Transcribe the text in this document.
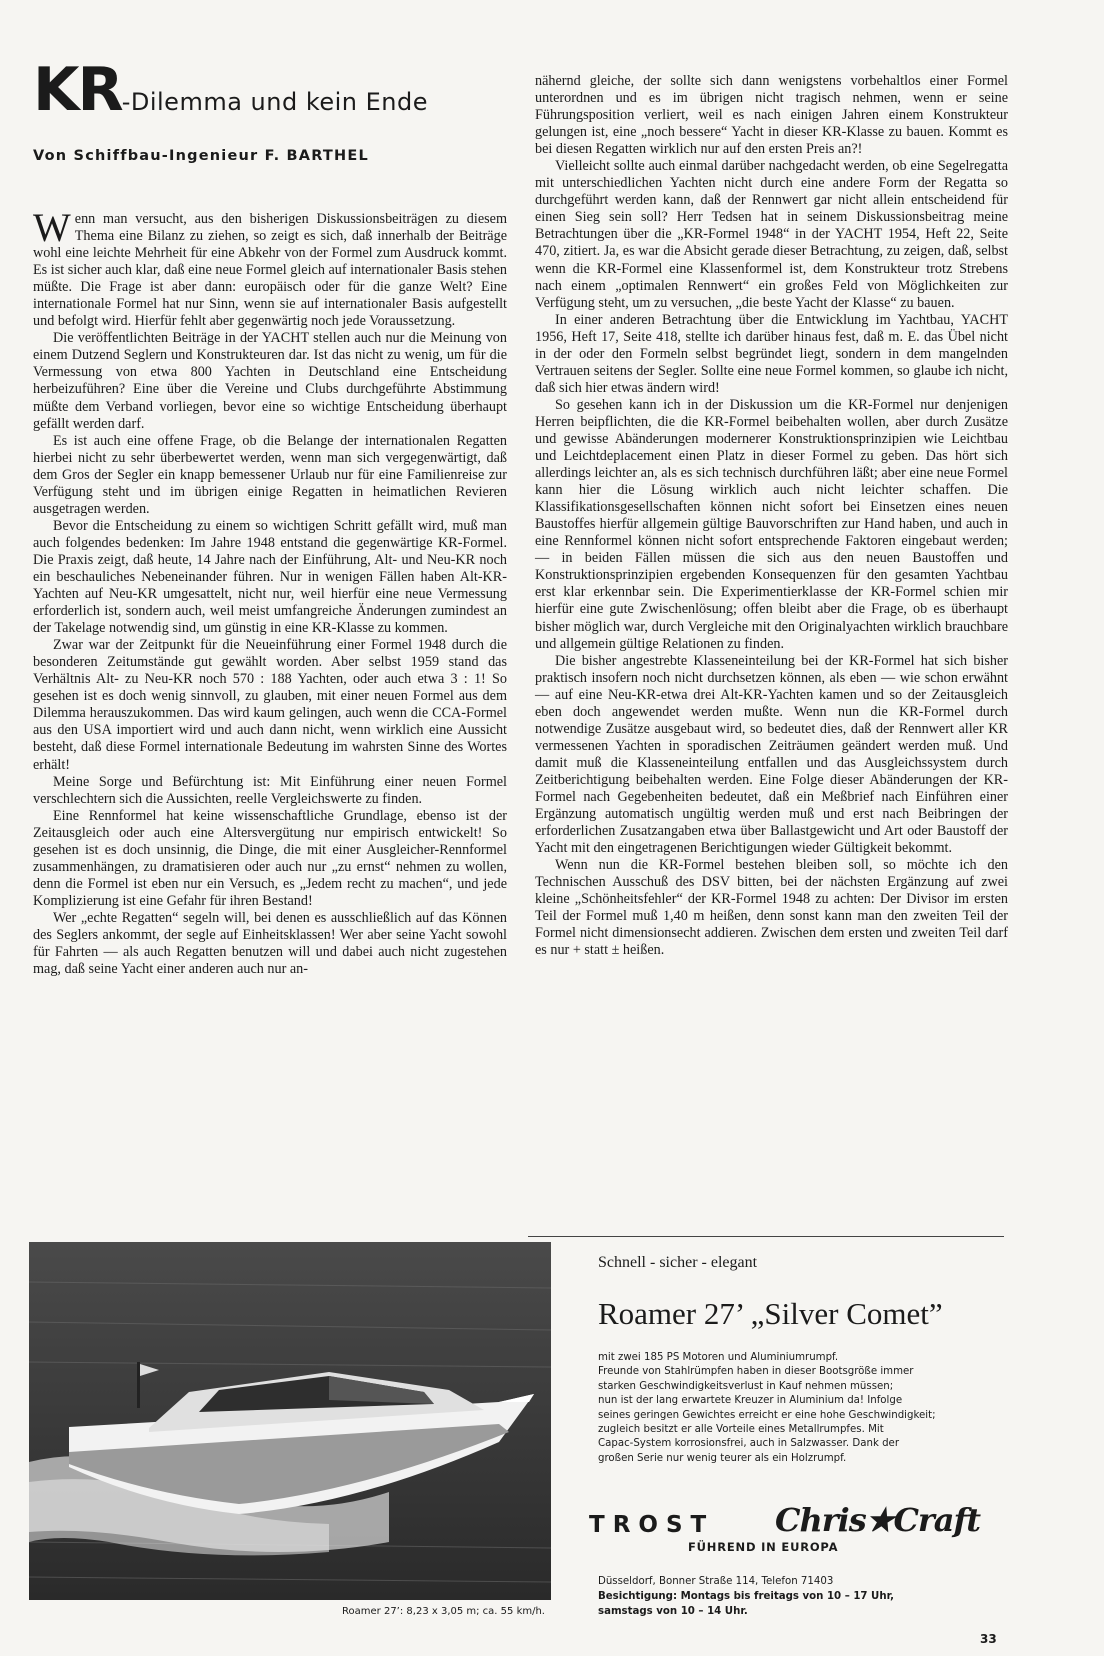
KR-Dilemma und kein Ende
Von Schiffbau-Ingenieur F. BARTHEL

Wenn man versucht, aus den bisherigen Diskussionsbeiträgen zu diesem Thema eine Bilanz zu ziehen, so zeigt es sich, daß innerhalb der Beiträge wohl eine leichte Mehrheit für eine Abkehr von der Formel zum Ausdruck kommt. Es ist sicher auch klar, daß eine neue Formel gleich auf internationaler Basis stehen müßte. Die Frage ist aber dann: europäisch oder für die ganze Welt? Eine internationale Formel hat nur Sinn, wenn sie auf internationaler Basis aufgestellt und befolgt wird. Hierfür fehlt aber gegenwärtig noch jede Voraussetzung.

Die veröffentlichten Beiträge in der YACHT stellen auch nur die Meinung von einem Dutzend Seglern und Konstrukteuren dar. Ist das nicht zu wenig, um für die Vermessung von etwa 800 Yachten in Deutschland eine Entscheidung herbeizuführen? Eine über die Vereine und Clubs durchgeführte Abstimmung müßte dem Verband vorliegen, bevor eine so wichtige Entscheidung überhaupt gefällt werden darf.

Es ist auch eine offene Frage, ob die Belange der internationalen Regatten hierbei nicht zu sehr überbewertet werden, wenn man sich vergegenwärtigt, daß dem Gros der Segler ein knapp bemessener Urlaub nur für eine Familienreise zur Verfügung steht und im übrigen einige Regatten in heimatlichen Revieren ausgetragen werden.

Bevor die Entscheidung zu einem so wichtigen Schritt gefällt wird, muß man auch folgendes bedenken: Im Jahre 1948 entstand die gegenwärtige KR-Formel. Die Praxis zeigt, daß heute, 14 Jahre nach der Einführung, Alt- und Neu-KR noch ein beschauliches Nebeneinander führen. Nur in wenigen Fällen haben Alt-KR-Yachten auf Neu-KR umgesattelt, nicht nur, weil hierfür eine neue Vermessung erforderlich ist, sondern auch, weil meist umfangreiche Änderungen zumindest an der Takelage notwendig sind, um günstig in eine KR-Klasse zu kommen.

Zwar war der Zeitpunkt für die Neueinführung einer Formel 1948 durch die besonderen Zeitumstände gut gewählt worden. Aber selbst 1959 stand das Verhältnis Alt- zu Neu-KR noch 570 : 188 Yachten, oder auch etwa 3 : 1! So gesehen ist es doch wenig sinnvoll, zu glauben, mit einer neuen Formel aus dem Dilemma herauszukommen. Das wird kaum gelingen, auch wenn die CCA-Formel aus den USA importiert wird und auch dann nicht, wenn wirklich eine Aussicht besteht, daß diese Formel internationale Bedeutung im wahrsten Sinne des Wortes erhält!

Meine Sorge und Befürchtung ist: Mit Einführung einer neuen Formel verschlechtern sich die Aussichten, reelle Vergleichswerte zu finden.

Eine Rennformel hat keine wissenschaftliche Grundlage, ebenso ist der Zeitausgleich oder auch eine Altersvergütung nur empirisch entwickelt! So gesehen ist es doch unsinnig, die Dinge, die mit einer Ausgleicher-Rennformel zusammenhängen, zu dramatisieren oder auch nur „zu ernst“ nehmen zu wollen, denn die Formel ist eben nur ein Versuch, es „Jedem recht zu machen“, und jede Komplizierung ist eine Gefahr für ihren Bestand!

Wer „echte Regatten“ segeln will, bei denen es ausschließlich auf das Können des Seglers ankommt, der segle auf Einheitsklassen! Wer aber seine Yacht sowohl für Fahrten — als auch Regatten benutzen will und dabei auch nicht zugestehen mag, daß seine Yacht einer anderen auch nur an-

nähernd gleiche, der sollte sich dann wenigstens vorbehaltlos einer Formel unterordnen und es im übrigen nicht tragisch nehmen, wenn er seine Führungsposition verliert, weil es nach einigen Jahren einem Konstrukteur gelungen ist, eine „noch bessere“ Yacht in dieser KR-Klasse zu bauen. Kommt es bei diesen Regatten wirklich nur auf den ersten Preis an?!

Vielleicht sollte auch einmal darüber nachgedacht werden, ob eine Segelregatta mit unterschiedlichen Yachten nicht durch eine andere Form der Regatta so durchgeführt werden kann, daß der Rennwert gar nicht allein entscheidend für einen Sieg sein soll? Herr Tedsen hat in seinem Diskussionsbeitrag meine Betrachtungen über die „KR-Formel 1948“ in der YACHT 1954, Heft 22, Seite 470, zitiert. Ja, es war die Absicht gerade dieser Betrachtung, zu zeigen, daß, selbst wenn die KR-Formel eine Klassenformel ist, dem Konstrukteur trotz Strebens nach einem „optimalen Rennwert“ ein großes Feld von Möglichkeiten zur Verfügung steht, um zu versuchen, „die beste Yacht der Klasse“ zu bauen.

In einer anderen Betrachtung über die Entwicklung im Yachtbau, YACHT 1956, Heft 17, Seite 418, stellte ich darüber hinaus fest, daß m. E. das Übel nicht in der oder den Formeln selbst begründet liegt, sondern in dem mangelnden Vertrauen seitens der Segler. Sollte eine neue Formel kommen, so glaube ich nicht, daß sich hier etwas ändern wird!

So gesehen kann ich in der Diskussion um die KR-Formel nur denjenigen Herren beipflichten, die die KR-Formel beibehalten wollen, aber durch Zusätze und gewisse Abänderungen modernerer Konstruktionsprinzipien wie Leichtbau und Leichtdeplacement einen Platz in dieser Formel zu geben. Das hört sich allerdings leichter an, als es sich technisch durchführen läßt; aber eine neue Formel kann hier die Lösung wirklich auch nicht leichter schaffen. Die Klassifikationsgesellschaften können nicht sofort bei Einsetzen eines neuen Baustoffes hierfür allgemein gültige Bauvorschriften zur Hand haben, und auch in eine Rennformel können nicht sofort entsprechende Faktoren eingebaut werden; — in beiden Fällen müssen die sich aus den neuen Baustoffen und Konstruktionsprinzipien ergebenden Konsequenzen für den gesamten Yachtbau erst klar erkennbar sein. Die Experimentierklasse der KR-Formel schien mir hierfür eine gute Zwischenlösung; offen bleibt aber die Frage, ob es überhaupt bisher möglich war, durch Vergleiche mit den Originalyachten wirklich brauchbare und allgemein gültige Relationen zu finden.

Die bisher angestrebte Klasseneinteilung bei der KR-Formel hat sich bisher praktisch insofern noch nicht durchsetzen können, als eben — wie schon erwähnt — auf eine Neu-KR-etwa drei Alt-KR-Yachten kamen und so der Zeitausgleich eben doch angewendet werden mußte. Wenn nun die KR-Formel durch notwendige Zusätze ausgebaut wird, so bedeutet dies, daß der Rennwert aller KR vermessenen Yachten in sporadischen Zeiträumen geändert werden muß. Und damit muß die Klasseneinteilung entfallen und das Ausgleichssystem durch Zeitberichtigung beibehalten werden. Eine Folge dieser Abänderungen der KR-Formel nach Gegebenheiten bedeutet, daß ein Meßbrief nach Einführen einer Ergänzung automatisch ungültig werden muß und erst nach Beibringen der erforderlichen Zusatzangaben etwa über Ballastgewicht und Art oder Baustoff der Yacht mit den eingetragenen Berichtigungen wieder Gültigkeit bekommt.

Wenn nun die KR-Formel bestehen bleiben soll, so möchte ich den Technischen Ausschuß des DSV bitten, bei der nächsten Ergänzung auf zwei kleine „Schönheitsfehler“ der KR-Formel 1948 zu achten: Der Divisor im ersten Teil der Formel muß 1,40 m heißen, denn sonst kann man den zweiten Teil der Formel nicht dimensionsecht addieren. Zwischen dem ersten und zweiten Teil darf es nur + statt ± heißen.

Roamer 27’: 8,23 x 3,05 m; ca. 55 km/h.
Schnell - sicher - elegant
Roamer 27’ „Silver Comet”
mit zwei 185 PS Motoren und Aluminiumrumpf.
Freunde von Stahlrümpfen haben in dieser Bootsgröße immer
starken Geschwindigkeitsverlust in Kauf nehmen müssen;
nun ist der lang erwartete Kreuzer in Aluminium da! Infolge
seines geringen Gewichtes erreicht er eine hohe Geschwindigkeit;
zugleich besitzt er alle Vorteile eines Metallrumpfes. Mit
Capac-System korrosionsfrei, auch in Salzwasser. Dank der
großen Serie nur wenig teurer als ein Holzrumpf.
TROST Chris★Craft
FÜHREND IN EUROPA
Düsseldorf, Bonner Straße 114, Telefon 71403
Besichtigung: Montags bis freitags von 10 – 17 Uhr,
samstags von 10 – 14 Uhr.
33
